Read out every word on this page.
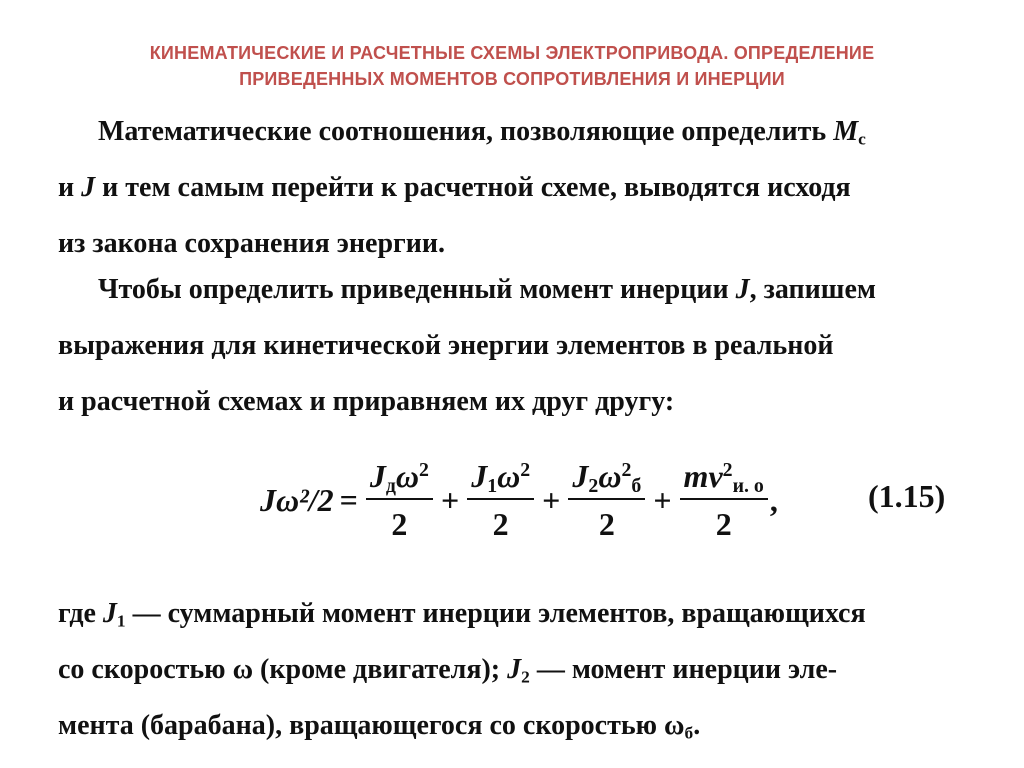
КИНЕМАТИЧЕСКИЕ И РАСЧЕТНЫЕ СХЕМЫ ЭЛЕКТРОПРИВОДА. ОПРЕДЕЛЕНИЕ
ПРИВЕДЕННЫХ МОМЕНТОВ СОПРОТИВЛЕНИЯ И ИНЕРЦИИ
Математические соотношения, позволяющие определить $M_c$
и J и тем самым перейти к расчетной схеме, выводятся исходя
из закона сохранения энергии.
Чтобы определить приведенный момент инерции J, запишем
выражения для кинетической энергии элементов в реальной
и расчетной схемах и приравняем их друг другу:
$J\omega^2/2 = \frac{J_д\omega^2}{2} + \frac{J_1\omega^2}{2} + \frac{J_2\omega^2_б}{2} + \frac{mv^2_{и. о}}{2}$ ,	(1.15)
где $J_1$ — суммарный момент инерции элементов, вращающихся
со скоростью ω (кроме двигателя); $J_2$ — момент инерции эле-
мента (барабана), вращающегося со скоростью $\omega_б$.
